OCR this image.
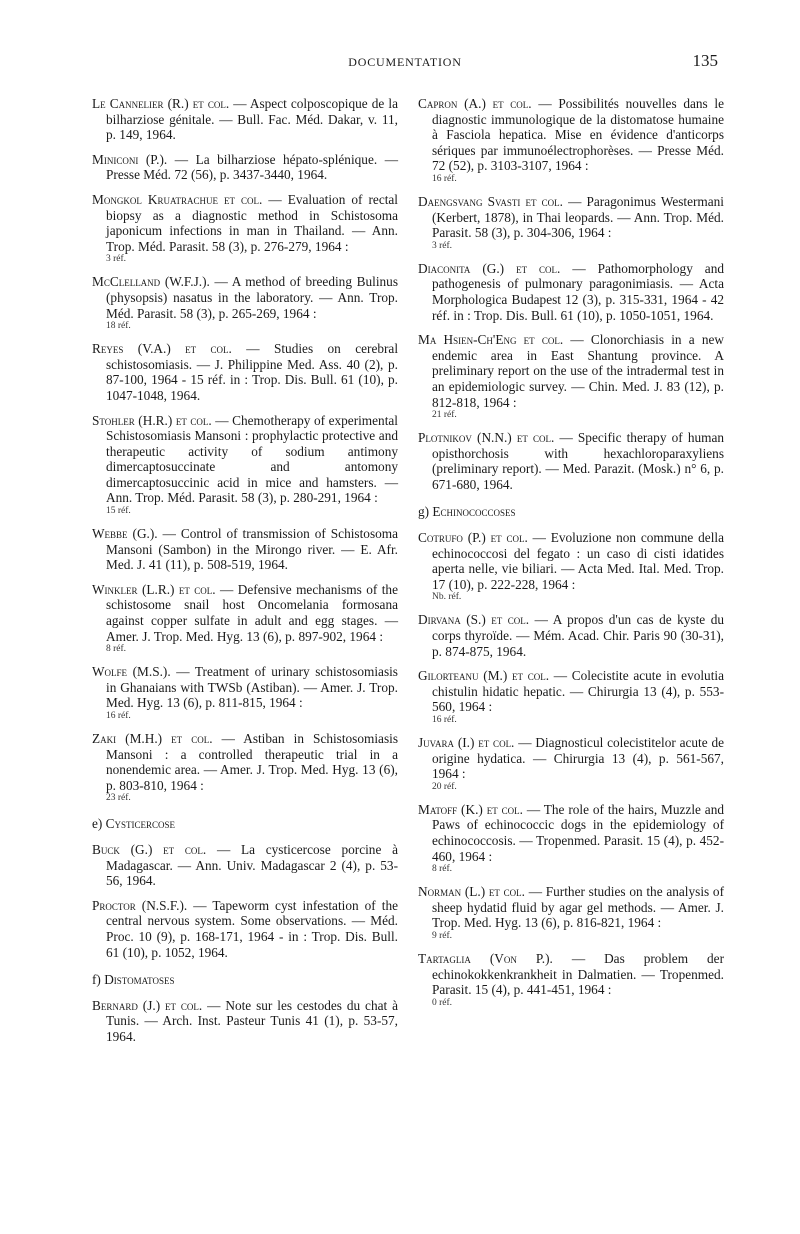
DOCUMENTATION	135

Le Cannelier (R.) et col. — Aspect colposcopique de la bilharziose génitale. — Bull. Fac. Méd. Dakar, v. 11, p. 149, 1964.

Miniconi (P.). — La bilharziose hépato-splénique. — Presse Méd. 72 (56), p. 3437-3440, 1964.

Mongkol Kruatrachue et col. — Evaluation of rectal biopsy as a diagnostic method in Schistosoma japonicum infections in man in Thailand. — Ann. Trop. Méd. Parasit. 58 (3), p. 276-279, 1964 :
3 réf.

McClelland (W.F.J.). — A method of breeding Bulinus (physopsis) nasatus in the laboratory. — Ann. Trop. Méd. Parasit. 58 (3), p. 265-269, 1964 :
18 réf.

Reyes (V.A.) et col. — Studies on cerebral schistosomiasis. — J. Philippine Med. Ass. 40 (2), p. 87-100, 1964 - 15 réf. in : Trop. Dis. Bull. 61 (10), p. 1047-1048, 1964.

Stohler (H.R.) et col. — Chemotherapy of experimental Schistosomiasis Mansoni : prophylactic protective and therapeutic activity of sodium antimony dimercaptosuccinate and antomony dimercaptosuccinic acid in mice and hamsters. — Ann. Trop. Méd. Parasit. 58 (3), p. 280-291, 1964 :
15 réf.

Webbe (G.). — Control of transmission of Schistosoma Mansoni (Sambon) in the Mirongo river. — E. Afr. Med. J. 41 (11), p. 508-519, 1964.

Winkler (L.R.) et col. — Defensive mechanisms of the schistosome snail host Oncomelania formosana against copper sulfate in adult and egg stages. — Amer. J. Trop. Med. Hyg. 13 (6), p. 897-902, 1964 :
8 réf.

Wolfe (M.S.). — Treatment of urinary schistosomiasis in Ghanaians with TWSb (Astiban). — Amer. J. Trop. Med. Hyg. 13 (6), p. 811-815, 1964 :
16 réf.

Zaki (M.H.) et col. — Astiban in Schistosomiasis Mansoni : a controlled therapeutic trial in a nonendemic area. — Amer. J. Trop. Med. Hyg. 13 (6), p. 803-810, 1964 :
23 réf.

e) Cysticercose

Buck (G.) et col. — La cysticercose porcine à Madagascar. — Ann. Univ. Madagascar 2 (4), p. 53-56, 1964.

Proctor (N.S.F.). — Tapeworm cyst infestation of the central nervous system. Some observations. — Méd. Proc. 10 (9), p. 168-171, 1964 - in : Trop. Dis. Bull. 61 (10), p. 1052, 1964.

f) Distomatoses

Bernard (J.) et col. — Note sur les cestodes du chat à Tunis. — Arch. Inst. Pasteur Tunis 41 (1), p. 53-57, 1964.

Capron (A.) et col. — Possibilités nouvelles dans le diagnostic immunologique de la distomatose humaine à Fasciola hepatica. Mise en évidence d'anticorps sériques par immunoélectrophorèses. — Presse Méd. 72 (52), p. 3103-3107, 1964 :
16 réf.

Daengsvang Svasti et col. — Paragonimus Westermani (Kerbert, 1878), in Thai leopards. — Ann. Trop. Méd. Parasit. 58 (3), p. 304-306, 1964 :
3 réf.

Diaconita (G.) et col. — Pathomorphology and pathogenesis of pulmonary paragonimiasis. — Acta Morphologica Budapest 12 (3), p. 315-331, 1964 - 42 réf. in : Trop. Dis. Bull. 61 (10), p. 1050-1051, 1964.

Ma Hsien-Ch'Eng et col. — Clonorchiasis in a new endemic area in East Shantung province. A preliminary report on the use of the intradermal test in an epidemiologic survey. — Chin. Med. J. 83 (12), p. 812-818, 1964 :
21 réf.

Plotnikov (N.N.) et col. — Specific therapy of human opisthorchosis with hexachloroparaxyliens (preliminary report). — Med. Parazit. (Mosk.) n° 6, p. 671-680, 1964.

g) Echinococcoses

Cotrufo (P.) et col. — Evoluzione non commune della echinococcosi del fegato : un caso di cisti idatides aperta nelle, vie biliari. — Acta Med. Ital. Med. Trop. 17 (10), p. 222-228, 1964 :
Nb. réf.

Dirvana (S.) et col. — A propos d'un cas de kyste du corps thyroïde. — Mém. Acad. Chir. Paris 90 (30-31), p. 874-875, 1964.

Gilorteanu (M.) et col. — Colecistite acute in evolutia chistulin hidatic hepatic. — Chirurgia 13 (4), p. 553-560, 1964 :
16 réf.

Juvara (I.) et col. — Diagnosticul colecistitelor acute de origine hydatica. — Chirurgia 13 (4), p. 561-567, 1964 :
20 réf.

Matoff (K.) et col. — The role of the hairs, Muzzle and Paws of echinococcic dogs in the epidemiology of echinococcosis. — Tropenmed. Parasit. 15 (4), p. 452-460, 1964 :
8 réf.

Norman (L.) et col. — Further studies on the analysis of sheep hydatid fluid by agar gel methods. — Amer. J. Trop. Med. Hyg. 13 (6), p. 816-821, 1964 :
9 réf.

Tartaglia (Von P.). — Das problem der echinokokkenkrankheit in Dalmatien. — Tropenmed. Parasit. 15 (4), p. 441-451, 1964 :
0 réf.
